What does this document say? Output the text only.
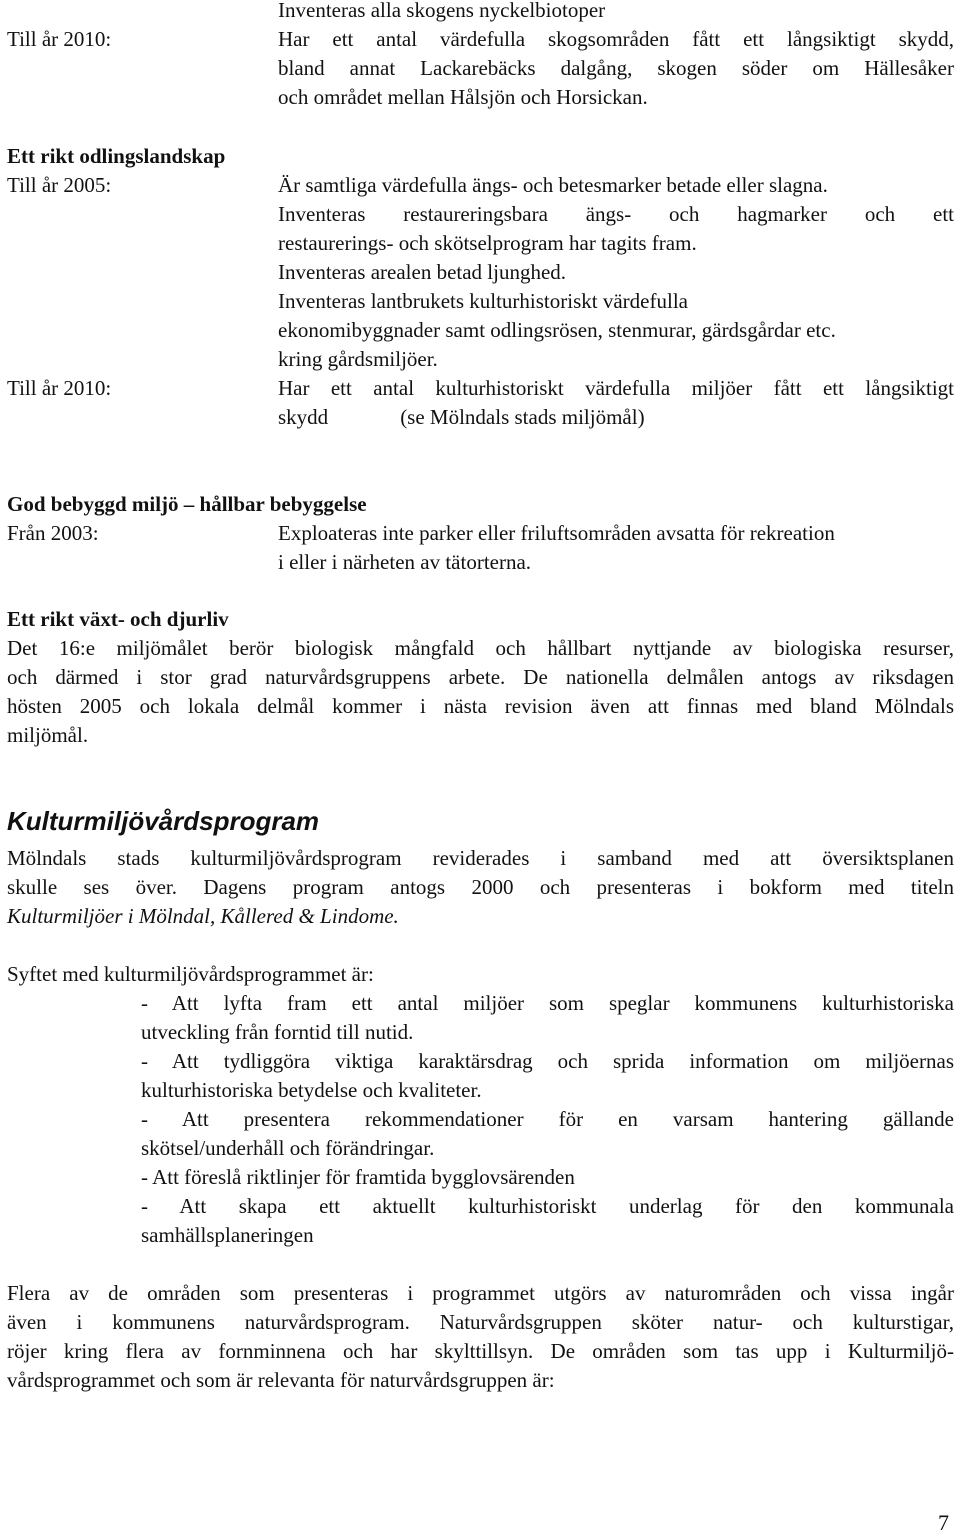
Till år 2010:
Inventeras alla skogens nyckelbiotoper
Har ett antal värdefulla skogsområden fått ett långsiktigt skydd,
bland annat Lackarebäcks dalgång, skogen söder om Hällesåker
och området mellan Hålsjön och Horsickan.
Ett rikt odlingslandskap
Till år 2005:	Är samtliga värdefulla ängs- och betesmarker betade eller slagna.
Inventeras restaureringsbara ängs- och hagmarker och ett
restaurerings- och skötselprogram har tagits fram.
Inventeras arealen betad ljunghed.
Inventeras lantbrukets kulturhistoriskt värdefulla
ekonomibyggnader samt odlingsrösen, stenmurar, gärdsgårdar etc.
kring gårdsmiljöer.
Till år 2010:	Har ett antal kulturhistoriskt värdefulla miljöer fått ett långsiktigt
skydd	(se Mölndals stads miljömål)
God bebyggd miljö – hållbar bebyggelse
Från 2003:	Exploateras inte parker eller friluftsområden avsatta för rekreation
i eller i närheten av tätorterna.
Ett rikt växt- och djurliv
Det 16:e miljömålet berör biologisk mångfald och hållbart nyttjande av biologiska resurser,
och därmed i stor grad naturvårdsgruppens arbete. De nationella delmålen antogs av riksdagen
hösten 2005 och lokala delmål kommer i nästa revision även att finnas med bland Mölndals
miljömål.
Kulturmiljövårdsprogram
Mölndals stads kulturmiljövårdsprogram reviderades i samband med att översiktsplanen
skulle ses över. Dagens program antogs 2000 och presenteras i bokform med titeln
Kulturmiljöer i Mölndal, Kållered & Lindome.
Syftet med kulturmiljövårdsprogrammet är:
- Att lyfta fram ett antal miljöer som speglar kommunens kulturhistoriska
utveckling från forntid till nutid.
- Att tydliggöra viktiga karaktärsdrag och sprida information om miljöernas
kulturhistoriska betydelse och kvaliteter.
- Att presentera rekommendationer för en varsam hantering gällande
skötsel/underhåll och förändringar.
- Att föreslå riktlinjer för framtida bygglovsärenden
- Att skapa ett aktuellt kulturhistoriskt underlag för den kommunala
samhällsplaneringen
Flera av de områden som presenteras i programmet utgörs av naturområden och vissa ingår
även i kommunens naturvårdsprogram. Naturvårdsgruppen sköter natur- och kulturstigar,
röjer kring flera av fornminnena och har skylttillsyn. De områden som tas upp i Kulturmiljö-
vårdsprogrammet och som är relevanta för naturvårdsgruppen är:
7
